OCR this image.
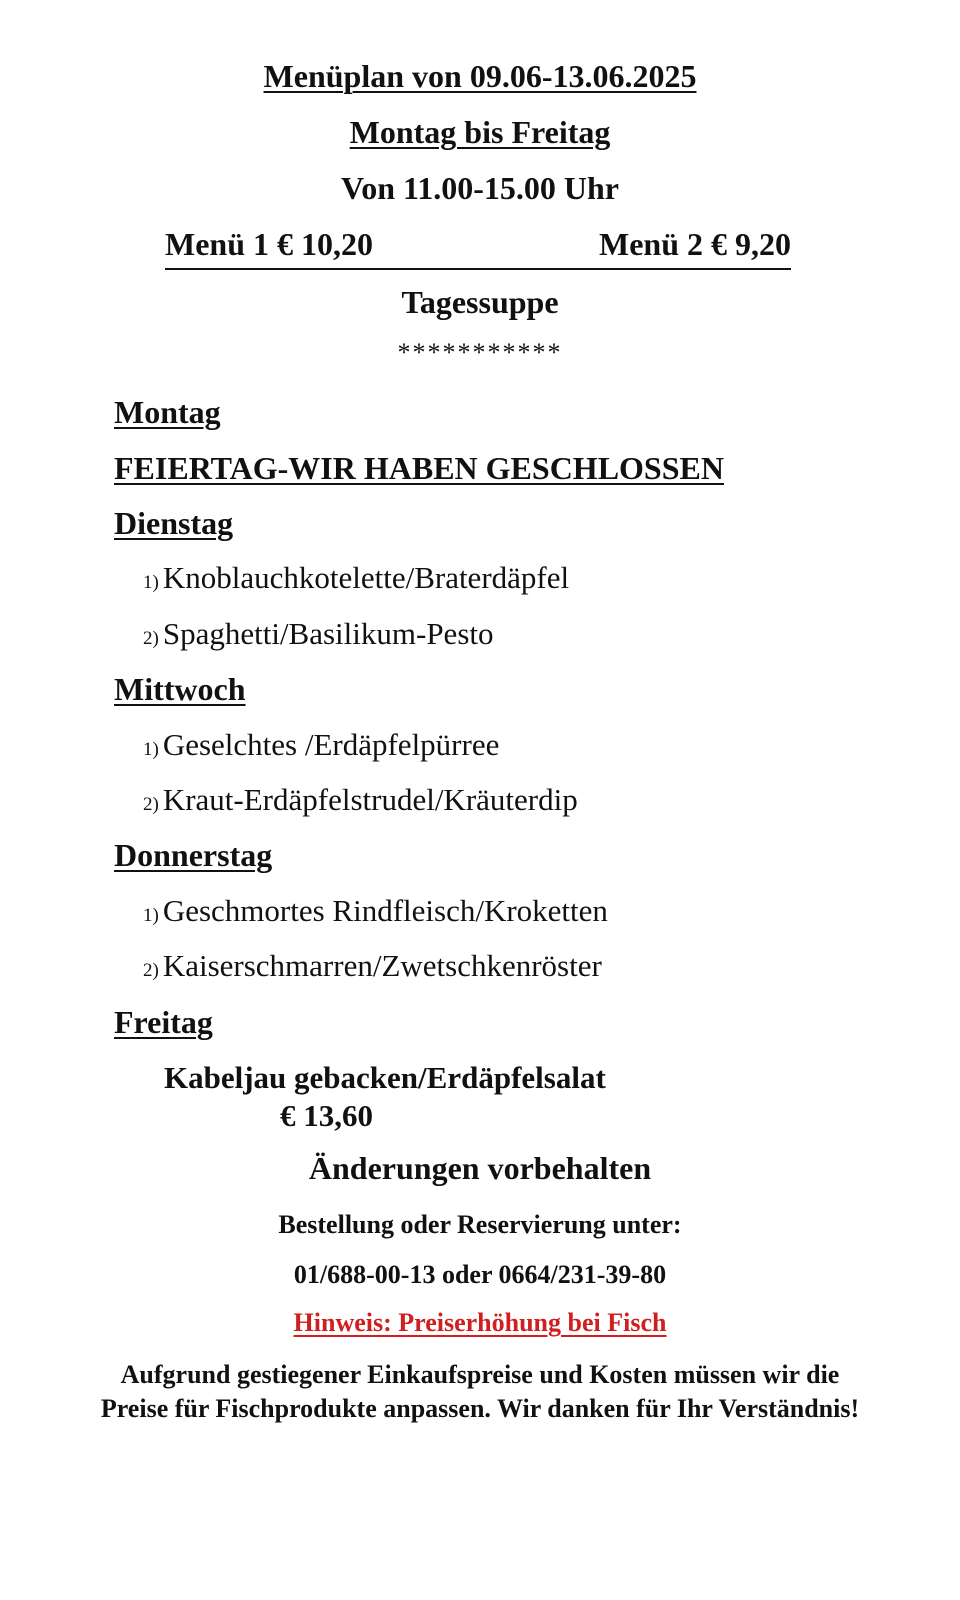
Menüplan von 09.06-13.06.2025

Montag bis Freitag

Von 11.00-15.00 Uhr

Menü 1 € 10,20	Menü 2 € 9,20

Tagessuppe

***********

Montag

FEIERTAG-WIR HABEN GESCHLOSSEN

Dienstag

1) Knoblauchkotelette/Braterdäpfel

2) Spaghetti/Basilikum-Pesto

Mittwoch

1) Geselchtes /Erdäpfelpürree

2) Kraut-Erdäpfelstrudel/Kräuterdip

Donnerstag

1) Geschmortes Rindfleisch/Kroketten

2) Kaiserschmarren/Zwetschkenröster

Freitag

Kabeljau gebacken/Erdäpfelsalat

€ 13,60

Änderungen vorbehalten

Bestellung oder Reservierung unter:

01/688-00-13 oder 0664/231-39-80

Hinweis: Preiserhöhung bei Fisch

Aufgrund gestiegener Einkaufspreise und Kosten müssen wir die Preise für Fischprodukte anpassen. Wir danken für Ihr Verständnis!
